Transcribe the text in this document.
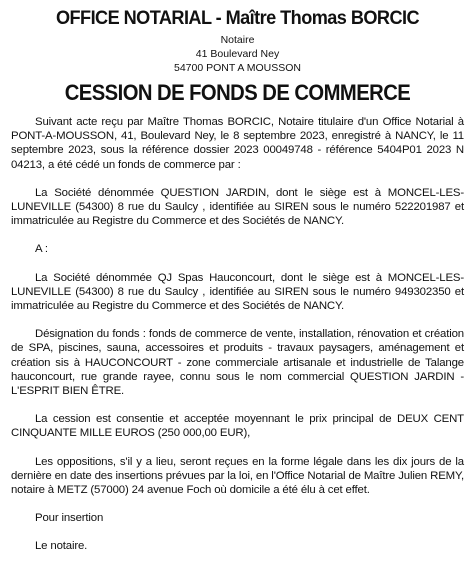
OFFICE NOTARIAL - Maître Thomas BORCIC
Notaire
41 Boulevard Ney
54700 PONT A MOUSSON
CESSION DE FONDS DE COMMERCE

Suivant acte reçu par Maître Thomas BORCIC, Notaire titulaire d'un Office Notarial à PONT-A-MOUSSON, 41, Boulevard Ney, le 8 septembre 2023, enregistré à NANCY, le 11 septembre 2023, sous la référence dossier 2023 00049748 - référence 5404P01 2023 N 04213, a été cédé un fonds de commerce par :

La Société dénommée QUESTION JARDIN, dont le siège est à MONCEL-LES-LUNEVILLE (54300) 8 rue du Saulcy , identifiée au SIREN sous le numéro 522201987 et immatriculée au Registre du Commerce et des Sociétés de NANCY.

A :

La Société dénommée QJ Spas Hauconcourt, dont le siège est à MONCEL-LES-LUNEVILLE (54300) 8 rue du Saulcy , identifiée au SIREN sous le numéro 949302350 et immatriculée au Registre du Commerce et des Sociétés de NANCY.

Désignation du fonds : fonds de commerce de vente, installation, rénovation et création de SPA, piscines, sauna, accessoires et produits - travaux paysagers, aménagement et création sis à HAUCONCOURT - zone commerciale artisanale et industrielle de Talange hauconcourt, rue grande rayee, connu sous le nom commercial QUESTION JARDIN - L'ESPRIT BIEN ÊTRE.

La cession est consentie et acceptée moyennant le prix principal de DEUX CENT CINQUANTE MILLE EUROS (250 000,00 EUR),

Les oppositions, s'il y a lieu, seront reçues en la forme légale dans les dix jours de la dernière en date des insertions prévues par la loi, en l'Office Notarial de Maître Julien REMY, notaire à METZ (57000) 24 avenue Foch où domicile a été élu à cet effet.

Pour insertion

Le notaire.
